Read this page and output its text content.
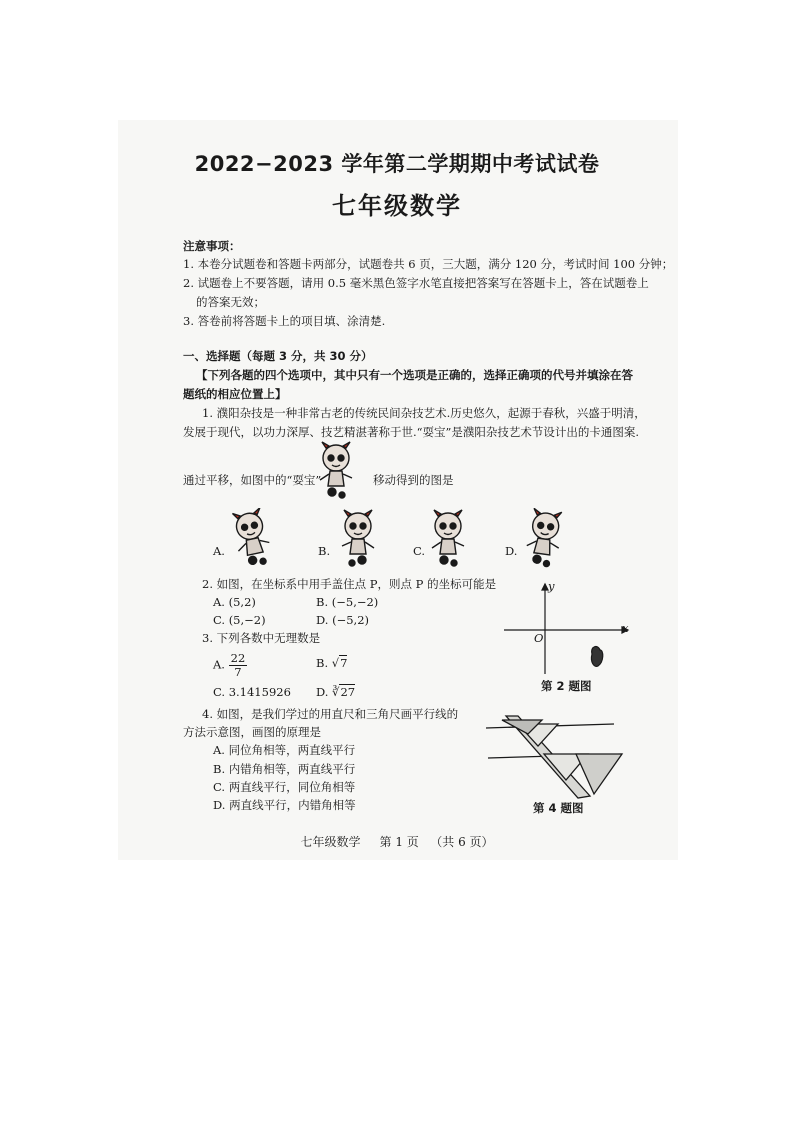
2022−2023 学年第二学期期中考试试卷
七年级数学
注意事项：
1. 本卷分试题卷和答题卡两部分，试题卷共 6 页，三大题，满分 120 分，考试时间 100 分钟；
2. 试题卷上不要答题，请用 0.5 毫米黑色签字水笔直接把答案写在答题卡上，答在试题卷上
的答案无效；
3. 答卷前将答题卡上的项目填、涂清楚.
一、选择题（每题 3 分，共 30 分）
【下列各题的四个选项中，其中只有一个选项是正确的，选择正确项的代号并填涂在答
题纸的相应位置上】
1. 濮阳杂技是一种非常古老的传统民间杂技艺术.历史悠久，起源于春秋，兴盛于明清，
发展于现代，以功力深厚、技艺精湛著称于世.“耍宝”是濮阳杂技艺术节设计出的卡通图案.
通过平移，如图中的“耍宝”	移动得到的图是
A.	B.	C.	D.
2. 如图，在坐标系中用手盖住点 P，则点 P 的坐标可能是
A. (5,2)	B. (−5,−2)
C. (5,−2)	D. (−5,2)
y
x
O
第 2 题图
3. 下列各数中无理数是
A. $\frac{22}{7}$	B. √7
C. 3.1415926 D. ∛27
4. 如图，是我们学过的用直尺和三角尺画平行线的
方法示意图，画图的原理是
A. 同位角相等，两直线平行
B. 内错角相等，两直线平行
C. 两直线平行，同位角相等
D. 两直线平行，内错角相等	第 4 题图
七年级数学 第 1 页 （共 6 页）
